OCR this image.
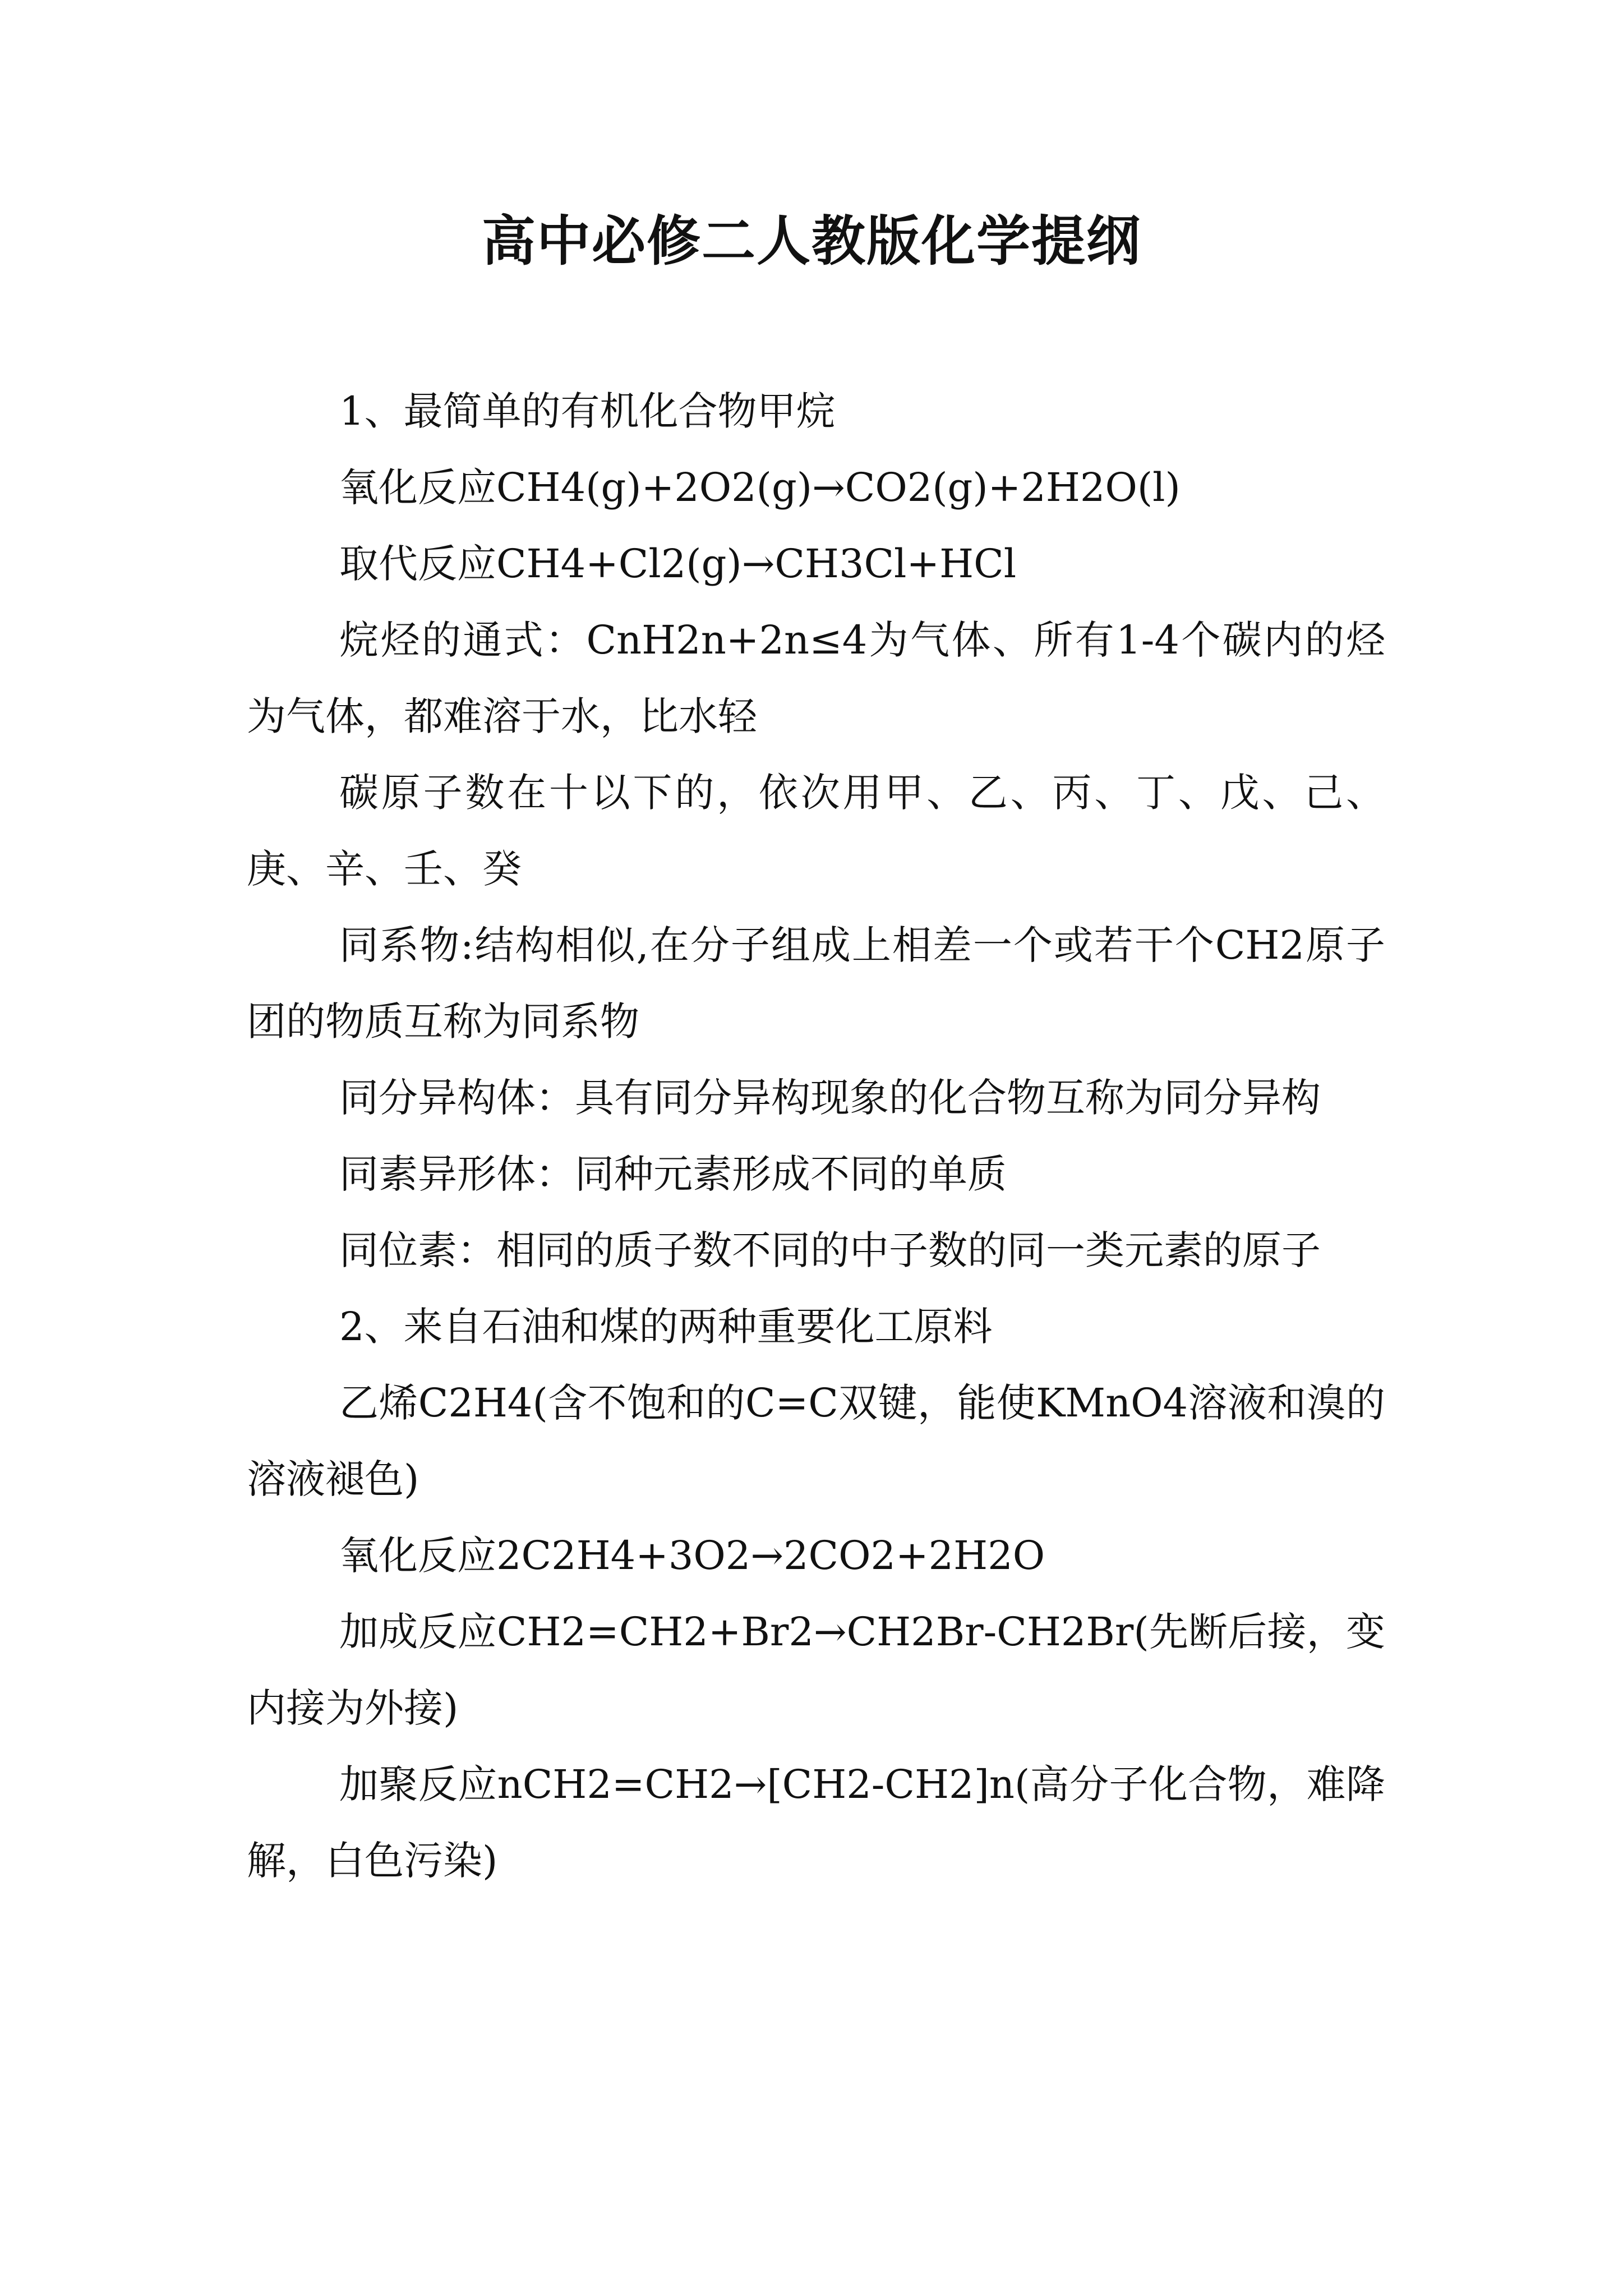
高中必修二人教版化学提纲

1、最简单的有机化合物甲烷

氧化反应CH4(g)+2O2(g)→CO2(g)+2H2O(l)

取代反应CH4+Cl2(g)→CH3Cl+HCl

烷烃的通式：CnH2n+2n≤4为气体、所有1-4个碳内的烃为气体，都难溶于水，比水轻

碳原子数在十以下的，依次用甲、乙、丙、丁、戊、己、庚、辛、壬、癸

同系物:结构相似,在分子组成上相差一个或若干个CH2原子团的物质互称为同系物

同分异构体：具有同分异构现象的化合物互称为同分异构

同素异形体：同种元素形成不同的单质

同位素：相同的质子数不同的中子数的同一类元素的原子

2、来自石油和煤的两种重要化工原料

乙烯C2H4(含不饱和的C=C双键，能使KMnO4溶液和溴的溶液褪色)

氧化反应2C2H4+3O2→2CO2+2H2O

加成反应CH2=CH2+Br2→CH2Br-CH2Br(先断后接，变内接为外接)

加聚反应nCH2=CH2→[CH2-CH2]n(高分子化合物，难降解，白色污染)
